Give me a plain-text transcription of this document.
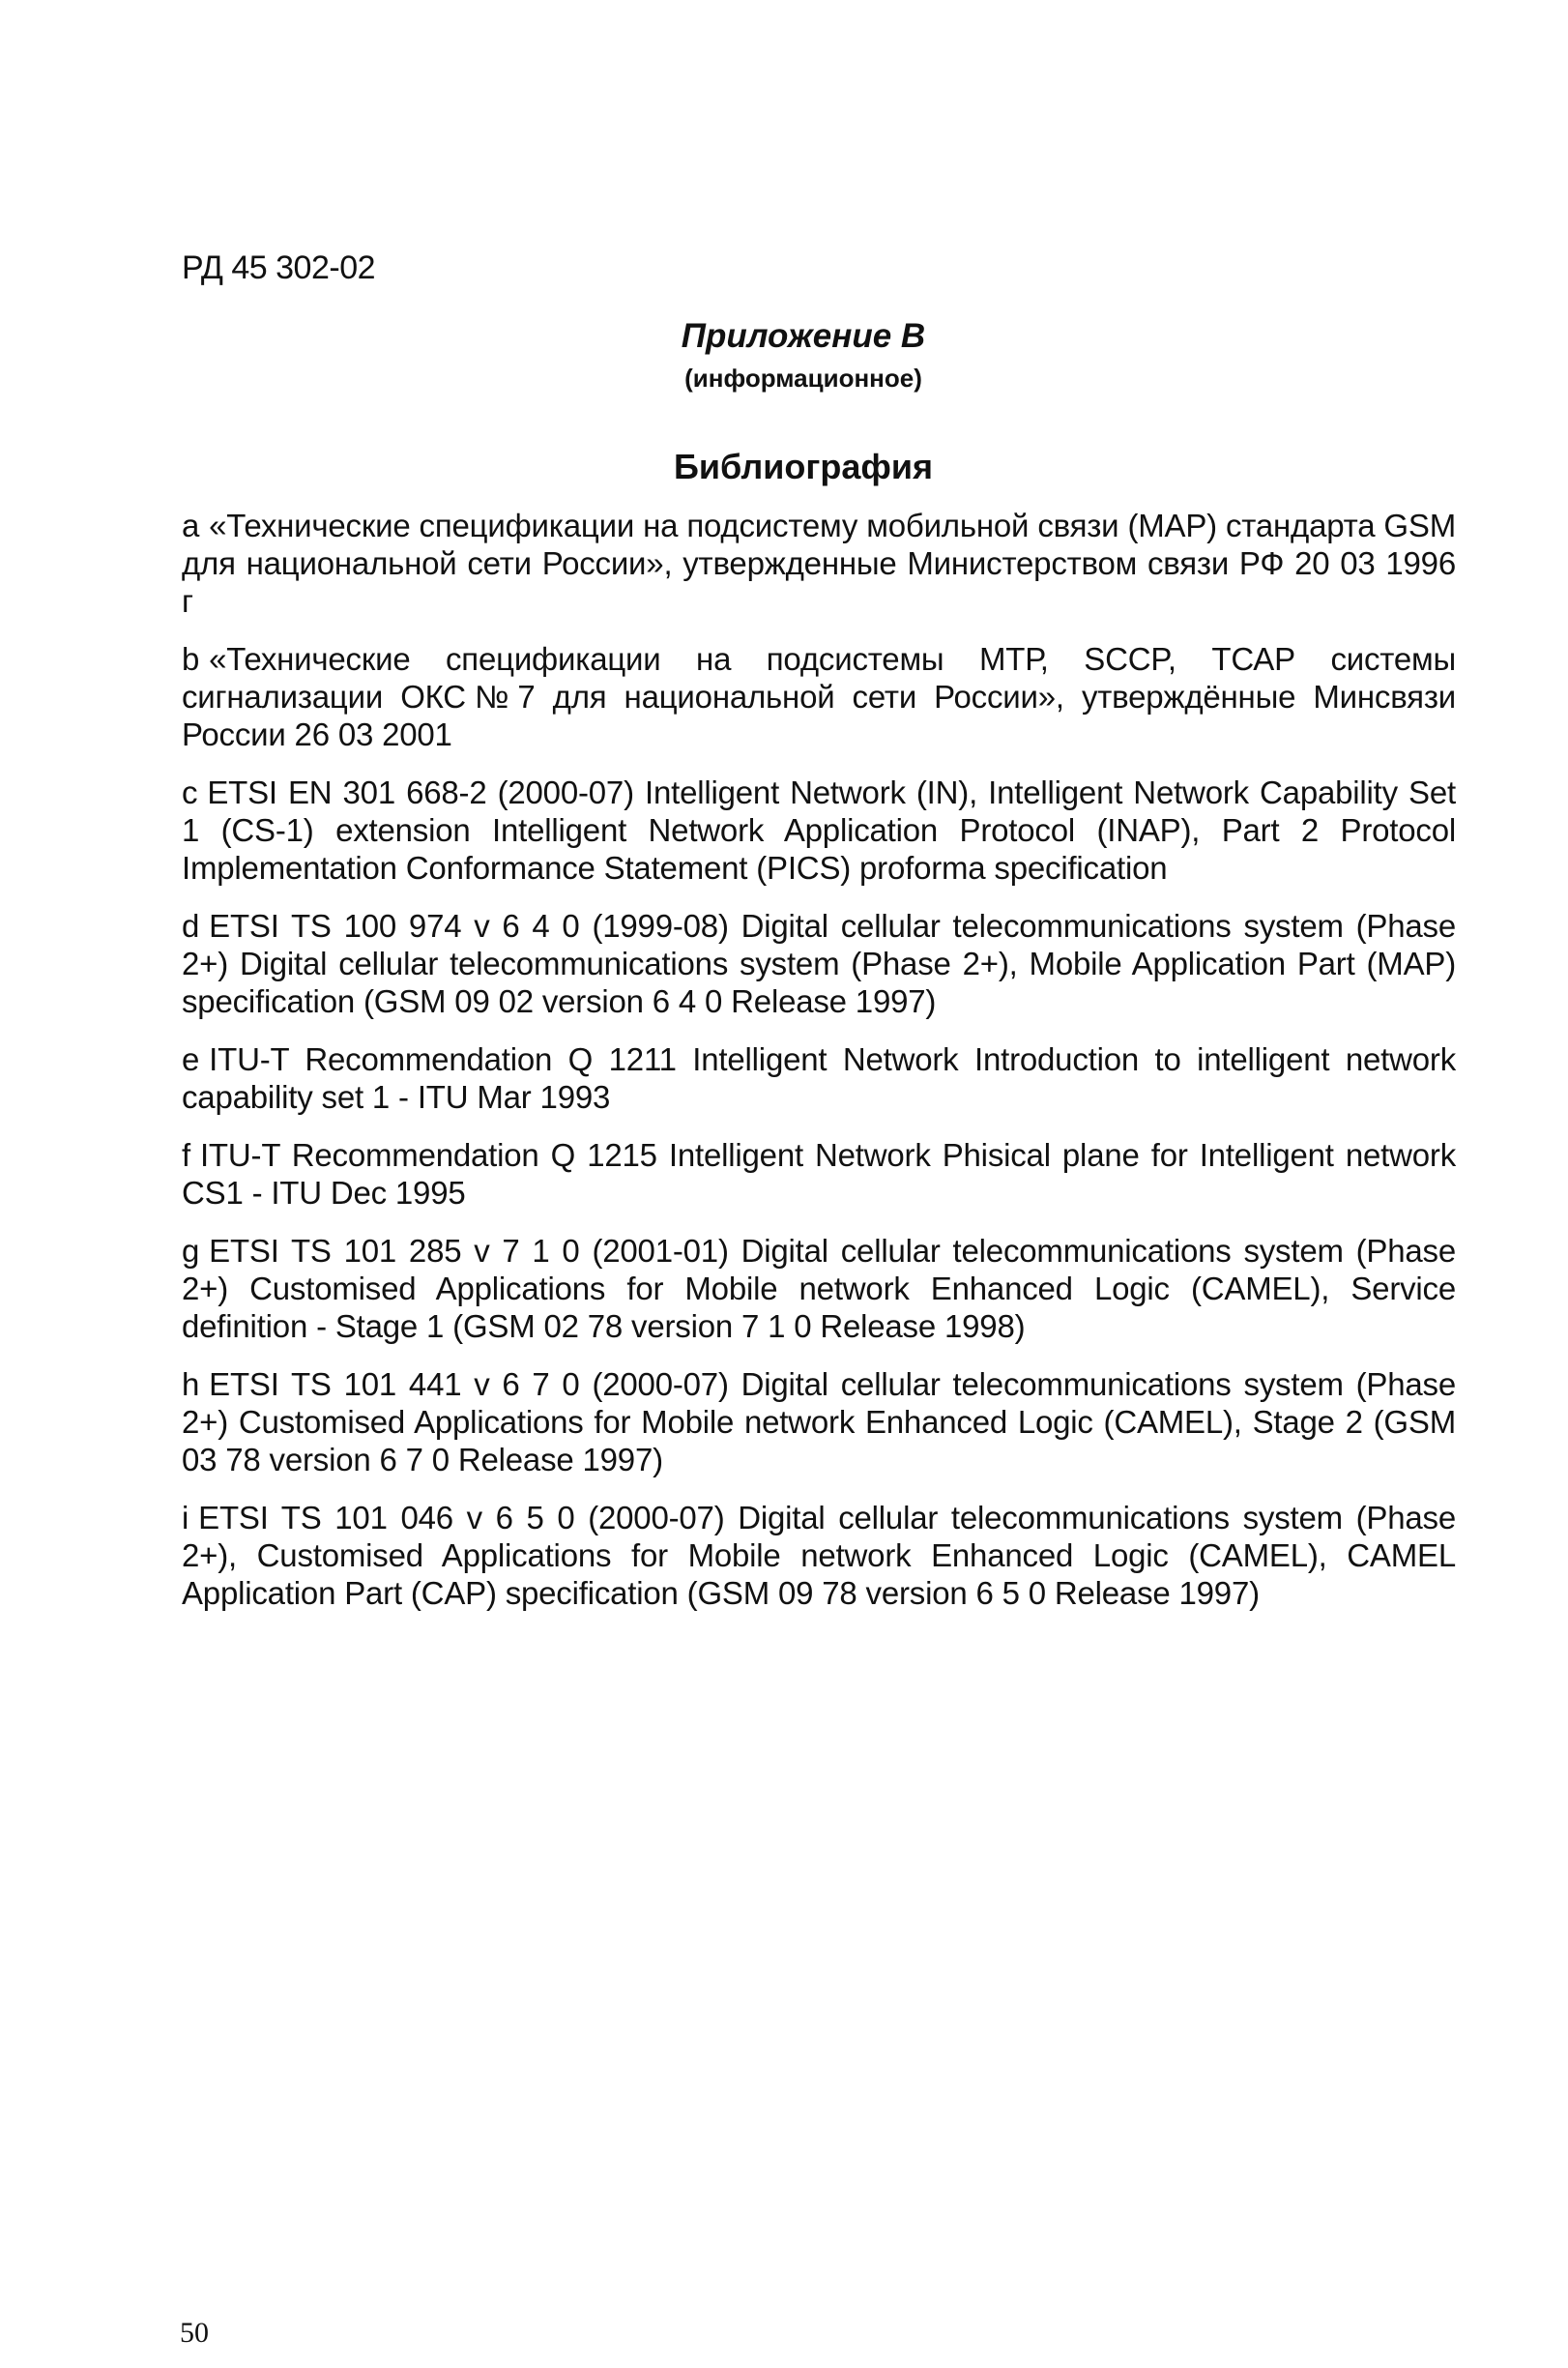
РД 45 302-02
Приложение В
(информационное)
Библиография
a «Технические спецификации на подсистему мобильной связи (МАР) стандарта GSM для национальной сети России», утвержденные Министерством связи РФ 20 03 1996 г
b «Технические спецификации на подсистемы МТР, SCCP, ТСАР системы сигнализации ОКС№7 для национальной сети России», утверждённые Минсвязи России 26 03 2001
c ETSI EN 301 668-2 (2000-07) Intelligent Network (IN), Intelligent Network Capability Set 1 (CS-1) extension Intelligent Network Application Protocol (INAP), Part 2 Protocol Implementation Conformance Statement (PICS) proforma specification
d ETSI TS 100 974 v 6 4 0 (1999-08) Digital cellular telecommunications system (Phase 2+) Digital cellular telecommunications system (Phase 2+), Mobile Application Part (MAP) specification (GSM 09 02 version 6 4 0 Release 1997)
e ITU-T Recommendation Q 1211 Intelligent Network Introduction to intelligent network capability set 1 - ITU Mar 1993
f ITU-T Recommendation Q 1215 Intelligent Network Phisical plane for Intelligent network CS1 - ITU Dec 1995
g ETSI TS 101 285 v 7 1 0 (2001-01) Digital cellular telecommunications system (Phase 2+) Customised Applications for Mobile network Enhanced Logic (CAMEL), Service definition - Stage 1 (GSM 02 78 version 7 1 0 Release 1998)
h ETSI TS 101 441 v 6 7 0 (2000-07) Digital cellular telecommunications system (Phase 2+) Customised Applications for Mobile network Enhanced Logic (CAMEL), Stage 2 (GSM 03 78 version 6 7 0 Release 1997)
i ETSI TS 101 046 v 6 5 0 (2000-07) Digital cellular telecommunications system (Phase 2+), Customised Applications for Mobile network Enhanced Logic (CAMEL), CAMEL Application Part (CAP) specification (GSM 09 78 version 6 5 0 Release 1997)
50
